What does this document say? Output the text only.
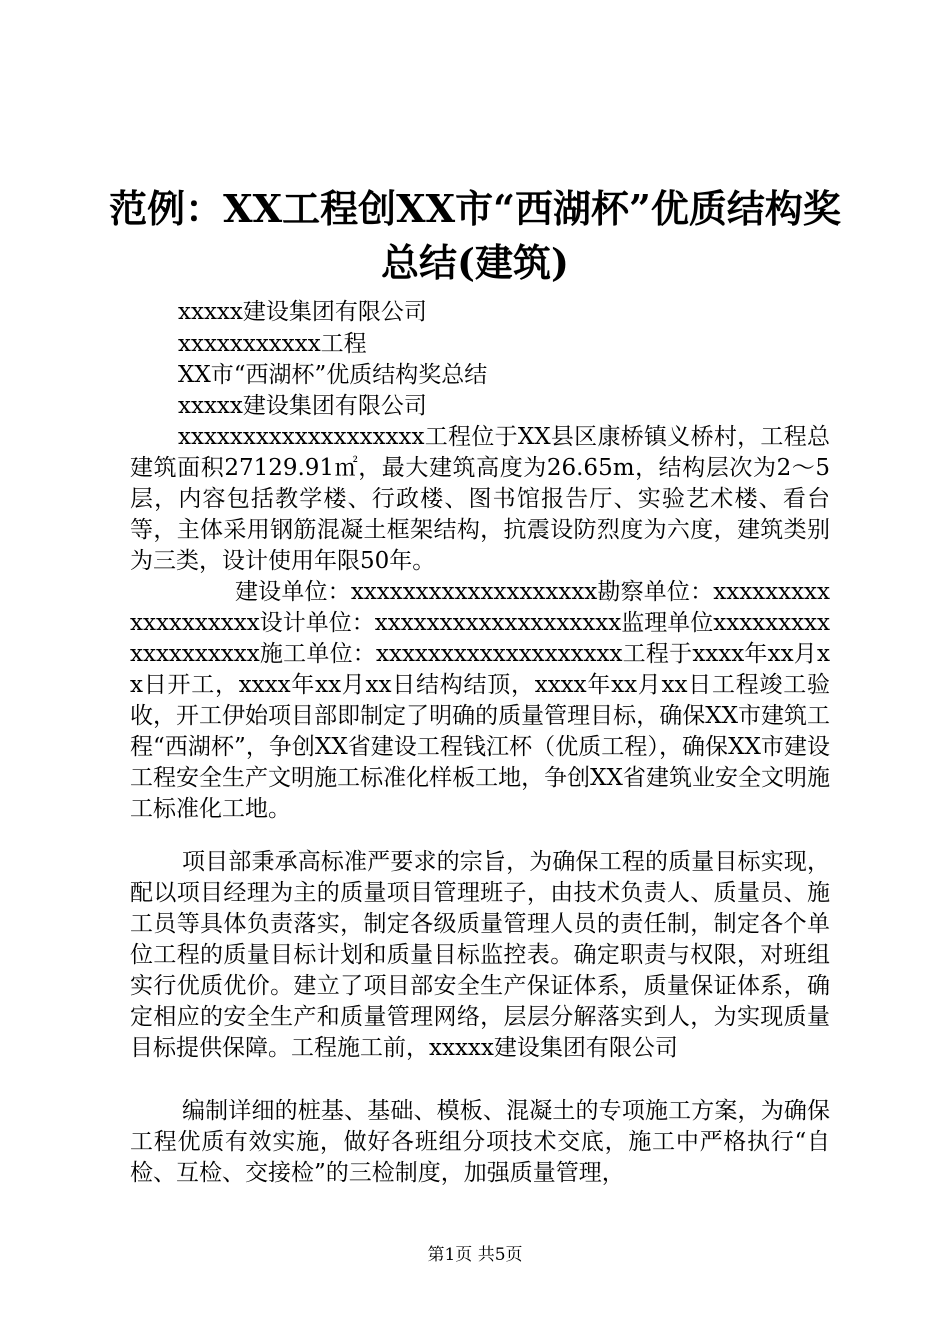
范例：XX工程创XX市“西湖杯”优质结构奖
总结(建筑)
xxxxx建设集团有限公司
xxxxxxxxxxx工程
XX市“西湖杯”优质结构奖总结
xxxxx建设集团有限公司
xxxxxxxxxxxxxxxxxxx工程位于XX县区康桥镇义桥村，工程总建筑面积27129.91㎡，最大建筑高度为26.65m，结构层次为2～5层，内容包括教学楼、行政楼、图书馆报告厅、实验艺术楼、看台等，主体采用钢筋混凝土框架结构，抗震设防烈度为六度，建筑类别为三类，设计使用年限50年。
建设单位：xxxxxxxxxxxxxxxxxxx勘察单位：xxxxxxxxxxxxxxxxxxx设计单位：xxxxxxxxxxxxxxxxxxx监理单位xxxxxxxxxxxxxxxxxxx施工单位：xxxxxxxxxxxxxxxxxxx工程于xxxx年xx月xx日开工，xxxx年xx月xx日结构结顶，xxxx年xx月xx日工程竣工验收，开工伊始项目部即制定了明确的质量管理目标，确保XX市建筑工程“西湖杯”，争创XX省建设工程钱江杯（优质工程），确保XX市建设工程安全生产文明施工标准化样板工地，争创XX省建筑业安全文明施工标准化工地。
项目部秉承高标准严要求的宗旨，为确保工程的质量目标实现，配以项目经理为主的质量项目管理班子，由技术负责人、质量员、施工员等具体负责落实，制定各级质量管理人员的责任制，制定各个单位工程的质量目标计划和质量目标监控表。确定职责与权限，对班组实行优质优价。建立了项目部安全生产保证体系，质量保证体系，确定相应的安全生产和质量管理网络，层层分解落实到人，为实现质量目标提供保障。工程施工前，xxxxx建设集团有限公司
编制详细的桩基、基础、模板、混凝土的专项施工方案，为确保工程优质有效实施，做好各班组分项技术交底，施工中严格执行“自检、互检、交接检”的三检制度，加强质量管理，
第1页 共5页
